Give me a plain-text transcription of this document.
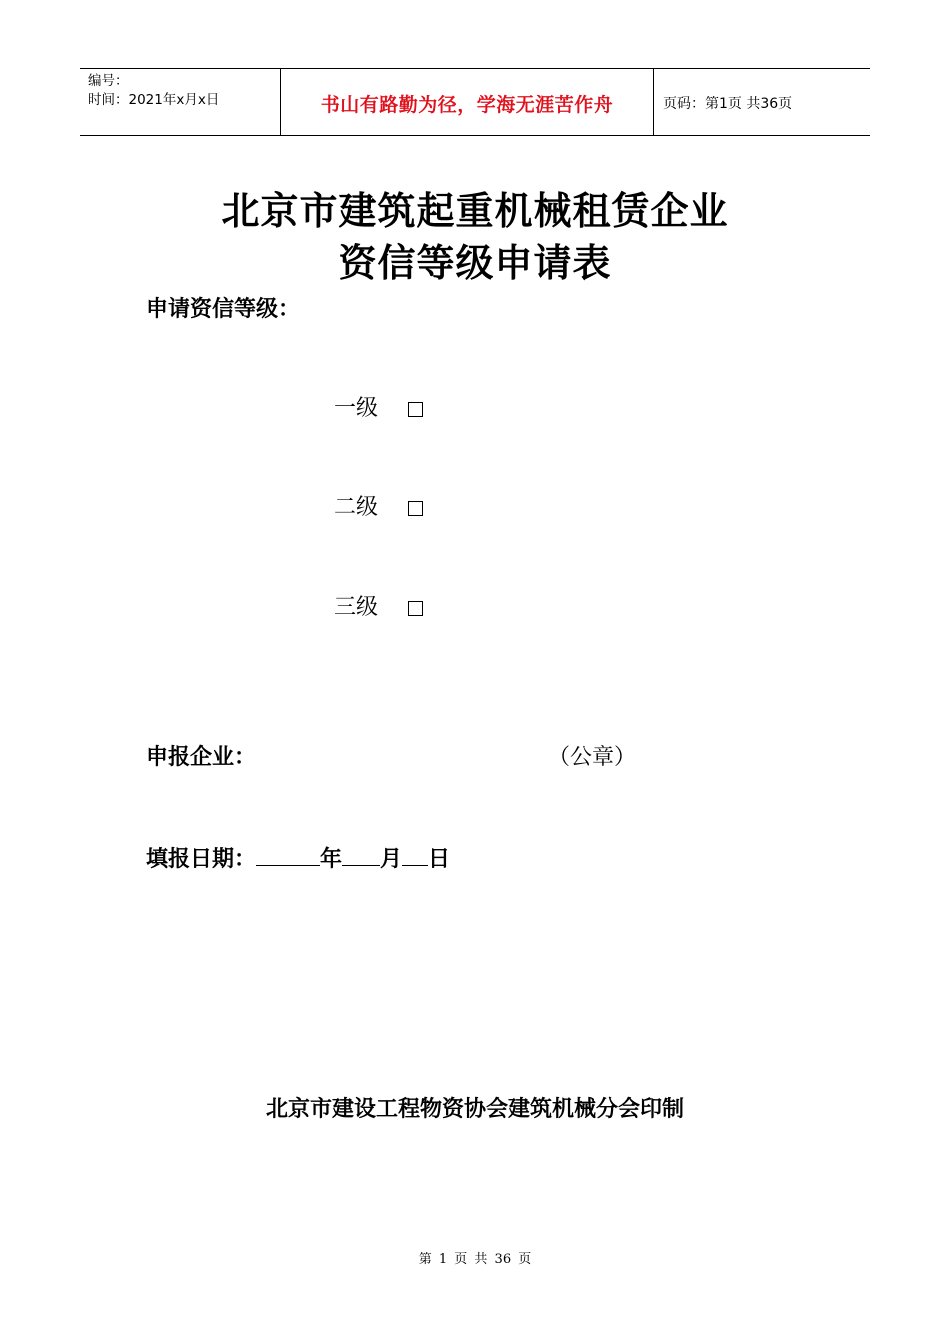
编号：
时间：2021年x月x日	书山有路勤为径，学海无涯苦作舟	页码：第1页 共36页
北京市建筑起重机械租赁企业
资信等级申请表
申请资信等级：
一级
二级
三级
申报企业：	（公章）
填报日期：	年 月 日
北京市建设工程物资协会建筑机械分会印制
第 1 页 共 36 页
